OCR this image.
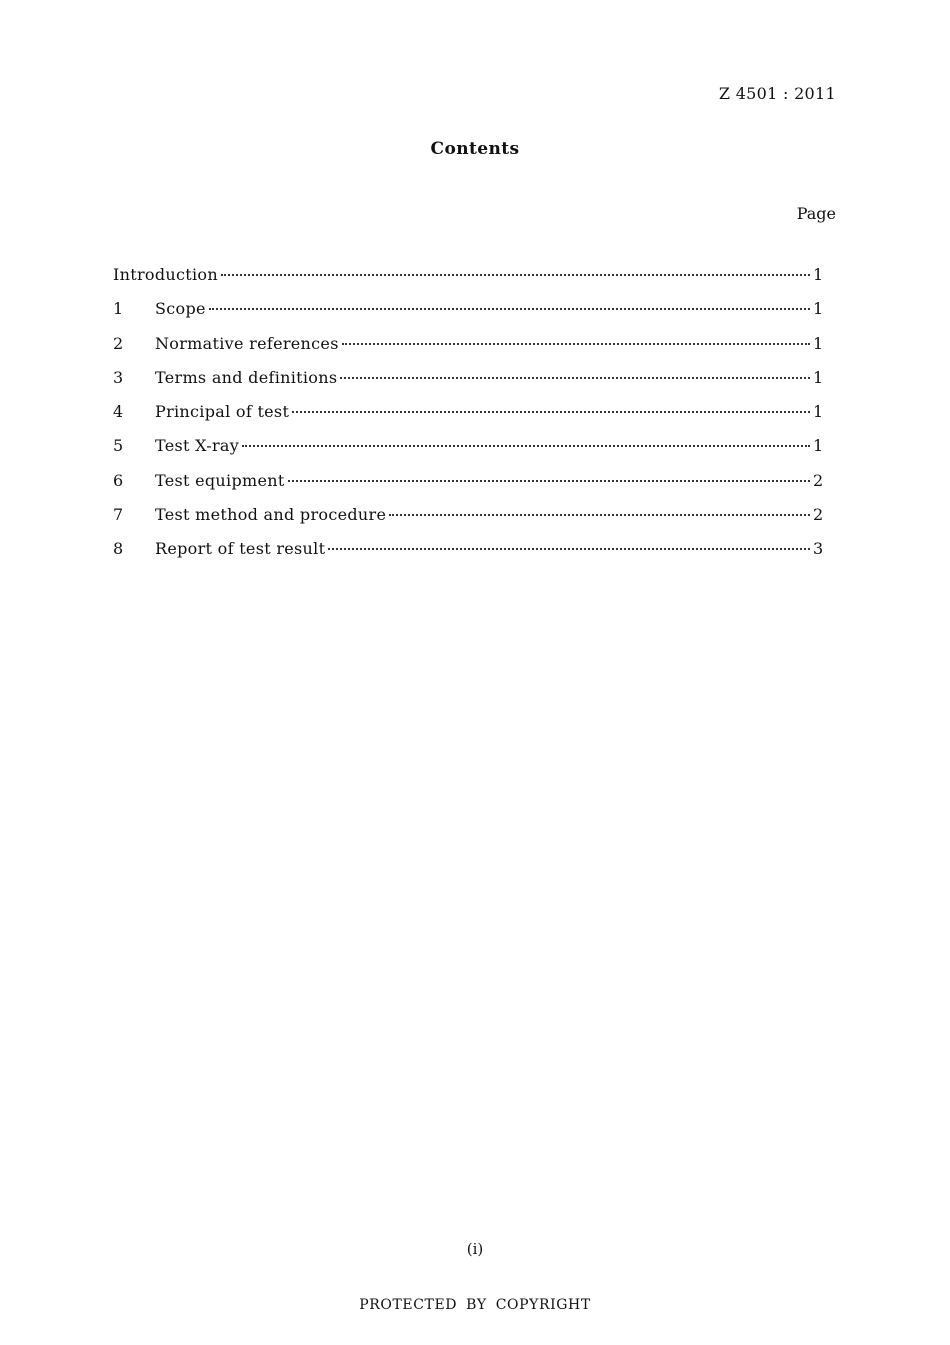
Z 4501 : 2011
Contents
Page
Introduction	1
1	Scope	1
2	Normative references	1
3	Terms and definitions	1
4	Principal of test	1
5	Test X-ray	1
6	Test equipment	2
7	Test method and procedure	2
8	Report of test result	3
(i)
PROTECTED BY COPYRIGHT
